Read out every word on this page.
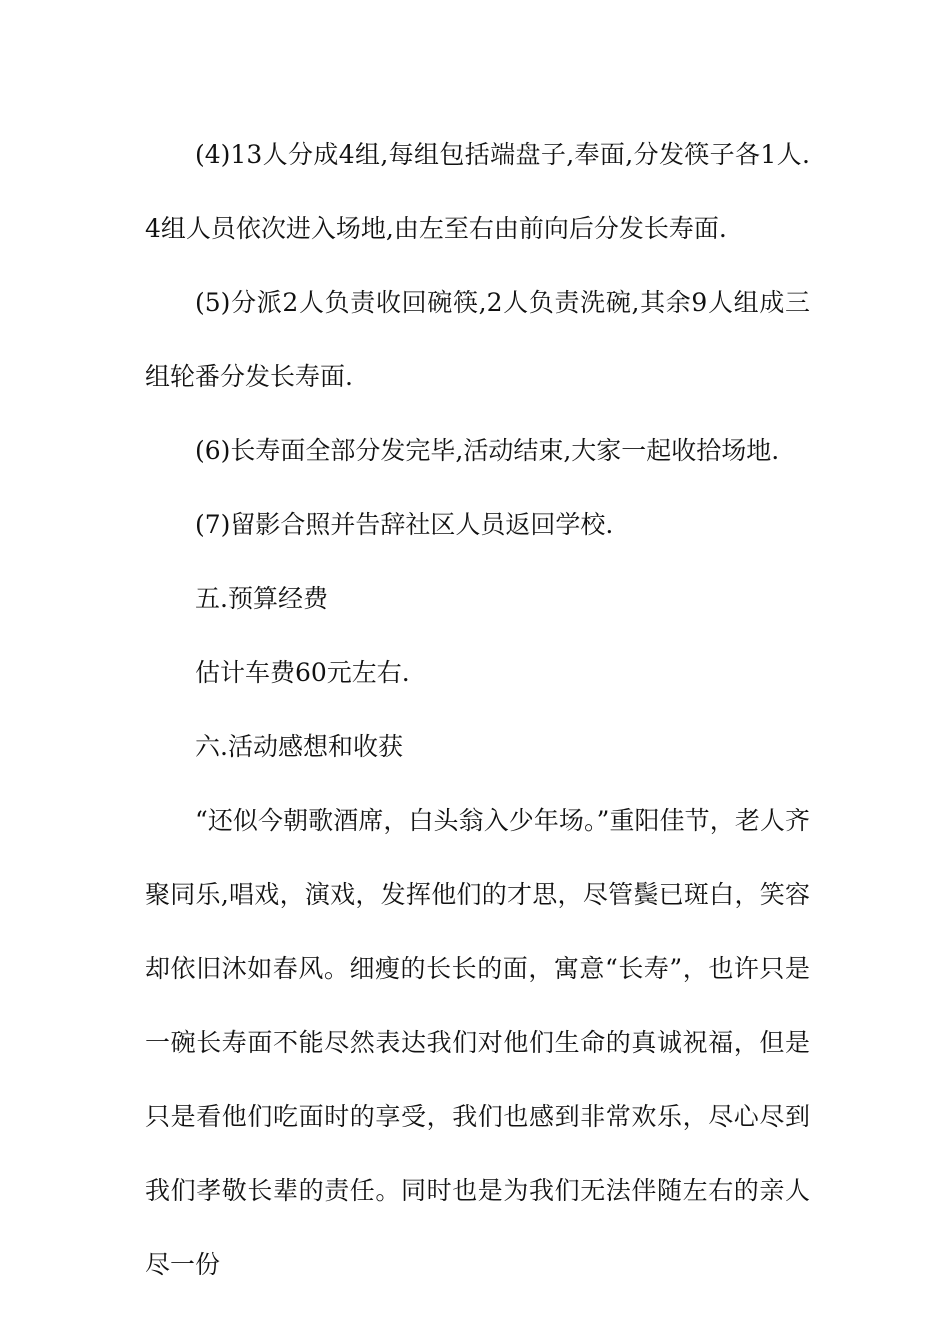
(4)13人分成4组,每组包括端盘子,奉面,分发筷子各1人.4组人员依次进入场地,由左至右由前向后分发长寿面.

(5)分派2人负责收回碗筷,2人负责洗碗,其余9人组成三组轮番分发长寿面.

(6)长寿面全部分发完毕,活动结束,大家一起收拾场地.

(7)留影合照并告辞社区人员返回学校.

五.预算经费

估计车费60元左右.

六.活动感想和收获

“还似今朝歌酒席，白头翁入少年场。”重阳佳节，老人齐聚同乐,唱戏，演戏，发挥他们的才思，尽管鬓已斑白，笑容却依旧沐如春风。细瘦的长长的面，寓意“长寿”，也许只是一碗长寿面不能尽然表达我们对他们生命的真诚祝福，但是只是看他们吃面时的享受，我们也感到非常欢乐，尽心尽到我们孝敬长辈的责任。同时也是为我们无法伴随左右的亲人尽一份
